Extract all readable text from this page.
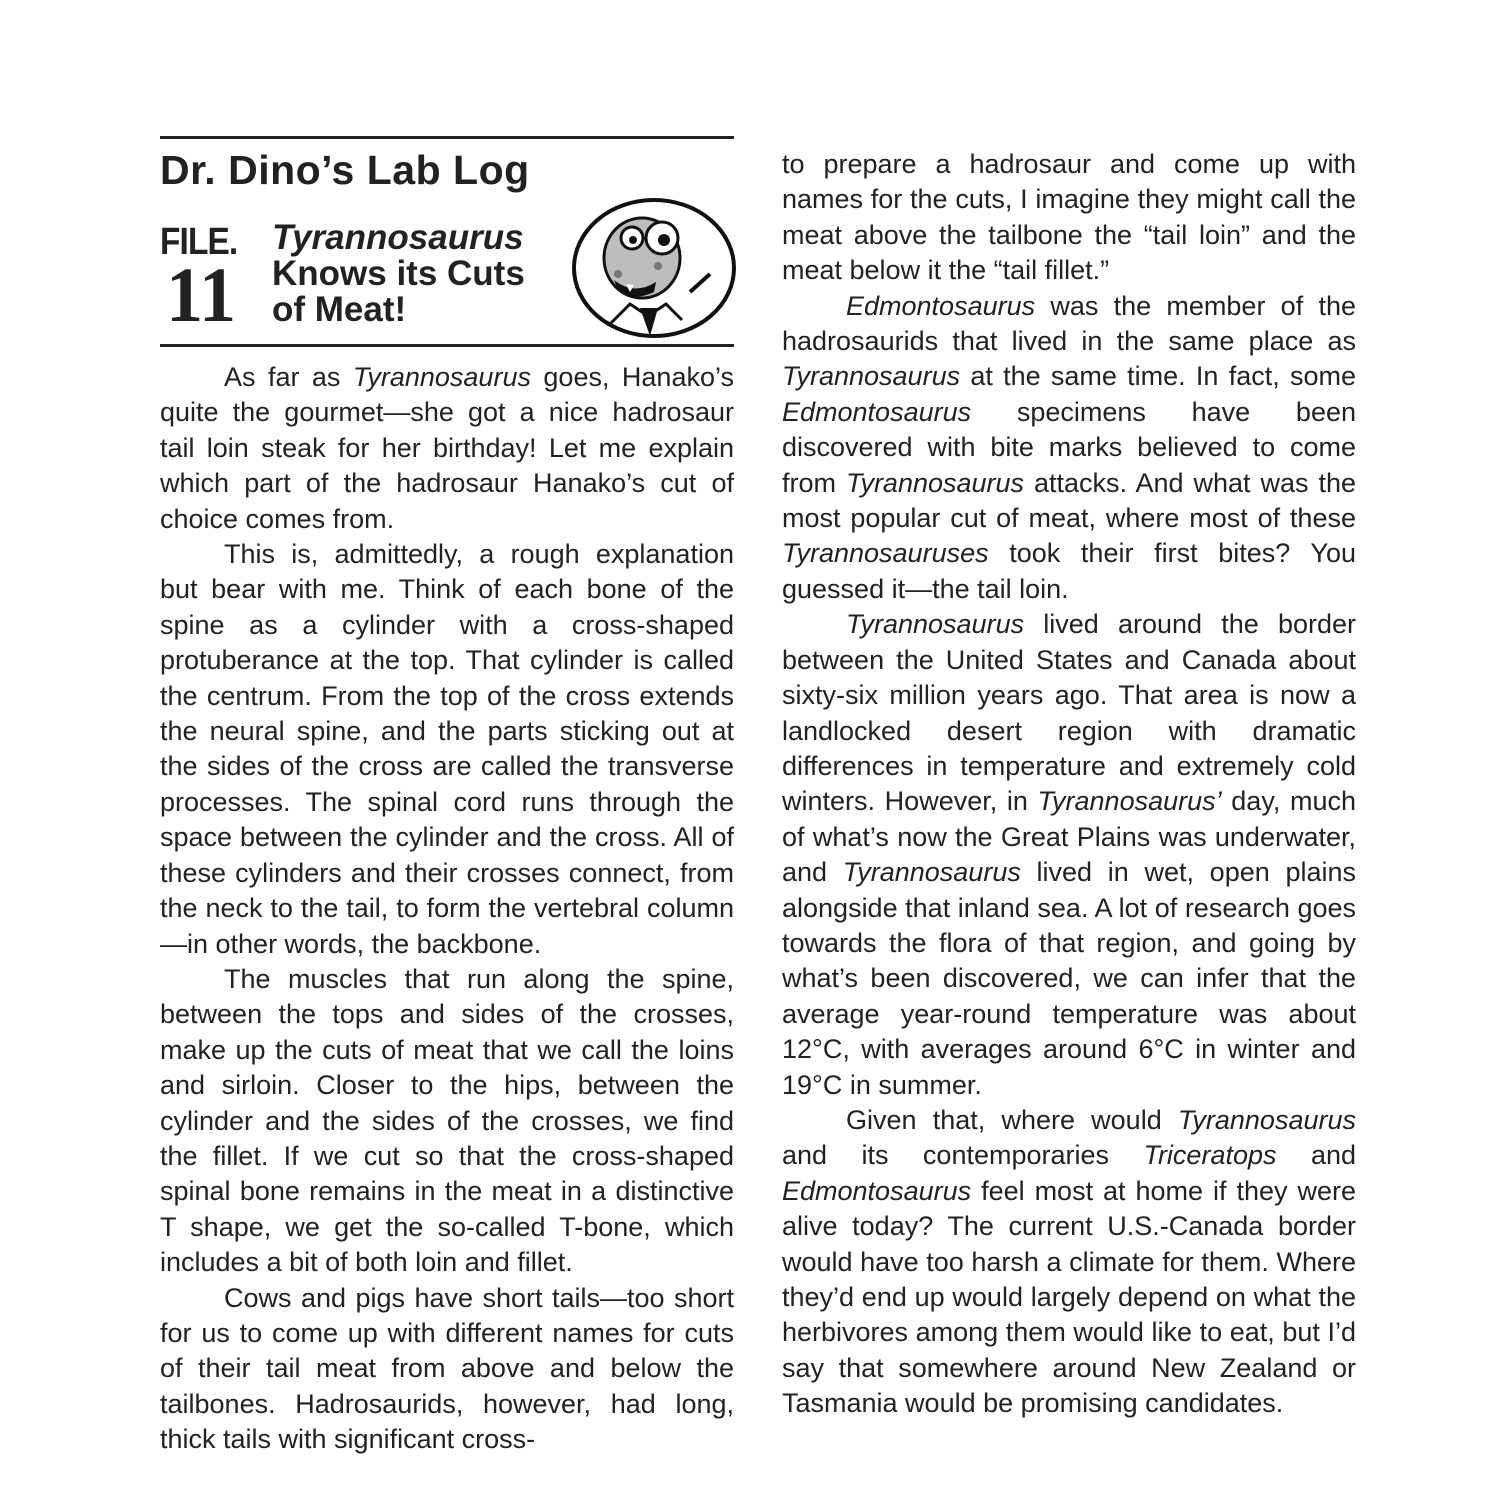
Dr. Dino’s Lab Log
FILE.
11
Tyrannosaurus
Knows its Cuts
of Meat!

As far as Tyrannosaurus goes, Hanako’s quite the gourmet—she got a nice hadrosaur tail loin steak for her birthday! Let me explain which part of the hadrosaur Hanako’s cut of choice comes from.

This is, admittedly, a rough explanation but bear with me. Think of each bone of the spine as a cylinder with a cross-shaped protuberance at the top. That cylinder is called the centrum. From the top of the cross extends the neural spine, and the parts sticking out at the sides of the cross are called the transverse processes. The spinal cord runs through the space between the cylinder and the cross. All of these cylinders and their crosses connect, from the neck to the tail, to form the vertebral column—in other words, the backbone.

The muscles that run along the spine, between the tops and sides of the crosses, make up the cuts of meat that we call the loins and sirloin. Closer to the hips, between the cylinder and the sides of the crosses, we find the fillet. If we cut so that the cross-shaped spinal bone remains in the meat in a distinctive T shape, we get the so-called T-bone, which includes a bit of both loin and fillet.

Cows and pigs have short tails—too short for us to come up with different names for cuts of their tail meat from above and below the tailbones. Hadrosaurids, however, had long, thick tails with significant cross-

to prepare a hadrosaur and come up with names for the cuts, I imagine they might call the meat above the tailbone the “tail loin” and the meat below it the “tail fillet.”

Edmontosaurus was the member of the hadrosaurids that lived in the same place as Tyrannosaurus at the same time. In fact, some Edmontosaurus specimens have been discovered with bite marks believed to come from Tyrannosaurus attacks. And what was the most popular cut of meat, where most of these Tyrannosauruses took their first bites? You guessed it—the tail loin.

Tyrannosaurus lived around the border between the United States and Canada about sixty-six million years ago. That area is now a landlocked desert region with dramatic differences in temperature and extremely cold winters. However, in Tyrannosaurus’ day, much of what’s now the Great Plains was underwater, and Tyrannosaurus lived in wet, open plains alongside that inland sea. A lot of research goes towards the flora of that region, and going by what’s been discovered, we can infer that the average year-round temperature was about 12°C, with averages around 6°C in winter and 19°C in summer.

Given that, where would Tyrannosaurus and its contemporaries Triceratops and Edmontosaurus feel most at home if they were alive today? The current U.S.-Canada border would have too harsh a climate for them. Where they’d end up would largely depend on what the herbivores among them would like to eat, but I’d say that somewhere around New Zealand or Tasmania would be promising candidates.
